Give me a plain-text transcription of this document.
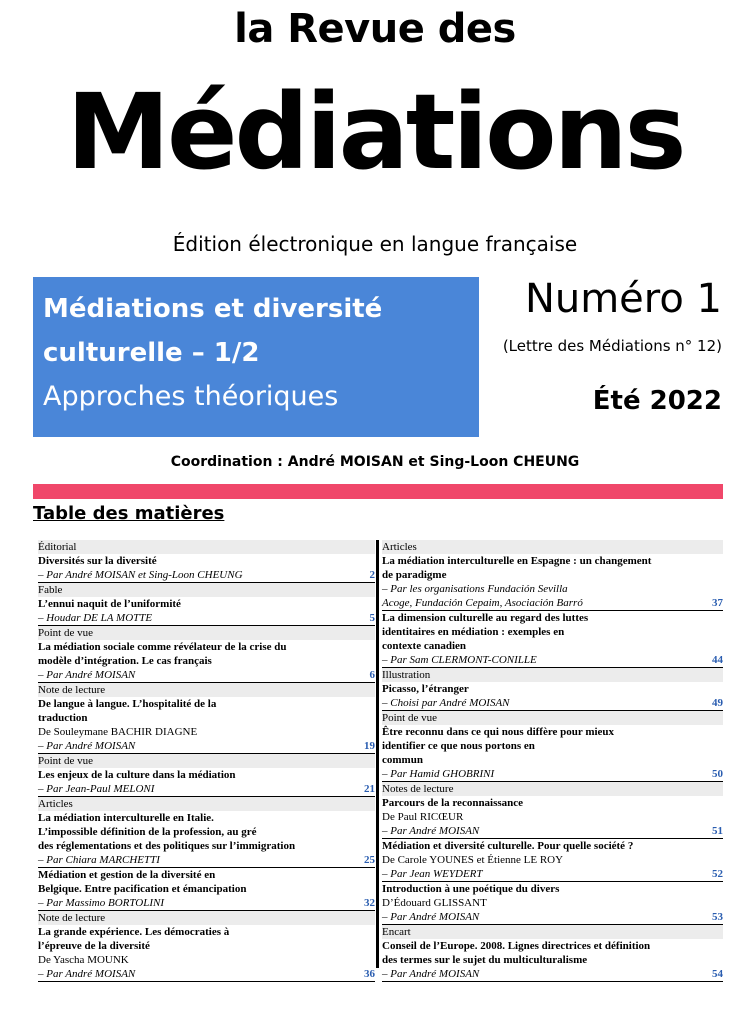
la Revue des
Médiations
Édition électronique en langue française
Médiations et diversité
culturelle – 1/2
Approches théoriques
Numéro 1
(Lettre des Médiations n° 12)
Été 2022
Coordination : André MOISAN et Sing-Loon CHEUNG
Table des matières
Éditorial
Diversités sur la diversité
– Par André MOISAN et Sing-Loon CHEUNG	2
Fable
L’ennui naquit de l’uniformité
– Houdar DE LA MOTTE	5
Point de vue
La médiation sociale comme révélateur de la crise du
modèle d’intégration. Le cas français
– Par André MOISAN	6
Note de lecture
De langue à langue. L’hospitalité de la
traduction
De Souleymane BACHIR DIAGNE
– Par André MOISAN	19
Point de vue
Les enjeux de la culture dans la médiation
– Par Jean-Paul MELONI	21
Articles
La médiation interculturelle en Italie.
L’impossible définition de la profession, au gré
des réglementations et des politiques sur l’immigration
– Par Chiara MARCHETTI	25
Médiation et gestion de la diversité en
Belgique. Entre pacification et émancipation
– Par Massimo BORTOLINI	32
Note de lecture
La grande expérience. Les démocraties à
l’épreuve de la diversité
De Yascha MOUNK
– Par André MOISAN	36
Articles
La médiation interculturelle en Espagne : un changement
de paradigme
– Par les organisations Fundación Sevilla
Acoge, Fundación Cepaim, Asociación Barró	37
La dimension culturelle au regard des luttes
identitaires en médiation : exemples en
contexte canadien
– Par Sam CLERMONT-CONILLE	44
Illustration
Picasso, l’étranger
– Choisi par André MOISAN	49
Point de vue
Être reconnu dans ce qui nous diffère pour mieux
identifier ce que nous portons en
commun
– Par Hamid GHOBRINI	50
Notes de lecture
Parcours de la reconnaissance
De Paul RICŒUR
– Par André MOISAN	51
Médiation et diversité culturelle. Pour quelle société ?
De Carole YOUNES et Étienne LE ROY
– Par Jean WEYDERT	52
Introduction à une poétique du divers
D’Édouard GLISSANT
– Par André MOISAN	53
Encart
Conseil de l’Europe. 2008. Lignes directrices et définition
des termes sur le sujet du multiculturalisme
– Par André MOISAN	54
